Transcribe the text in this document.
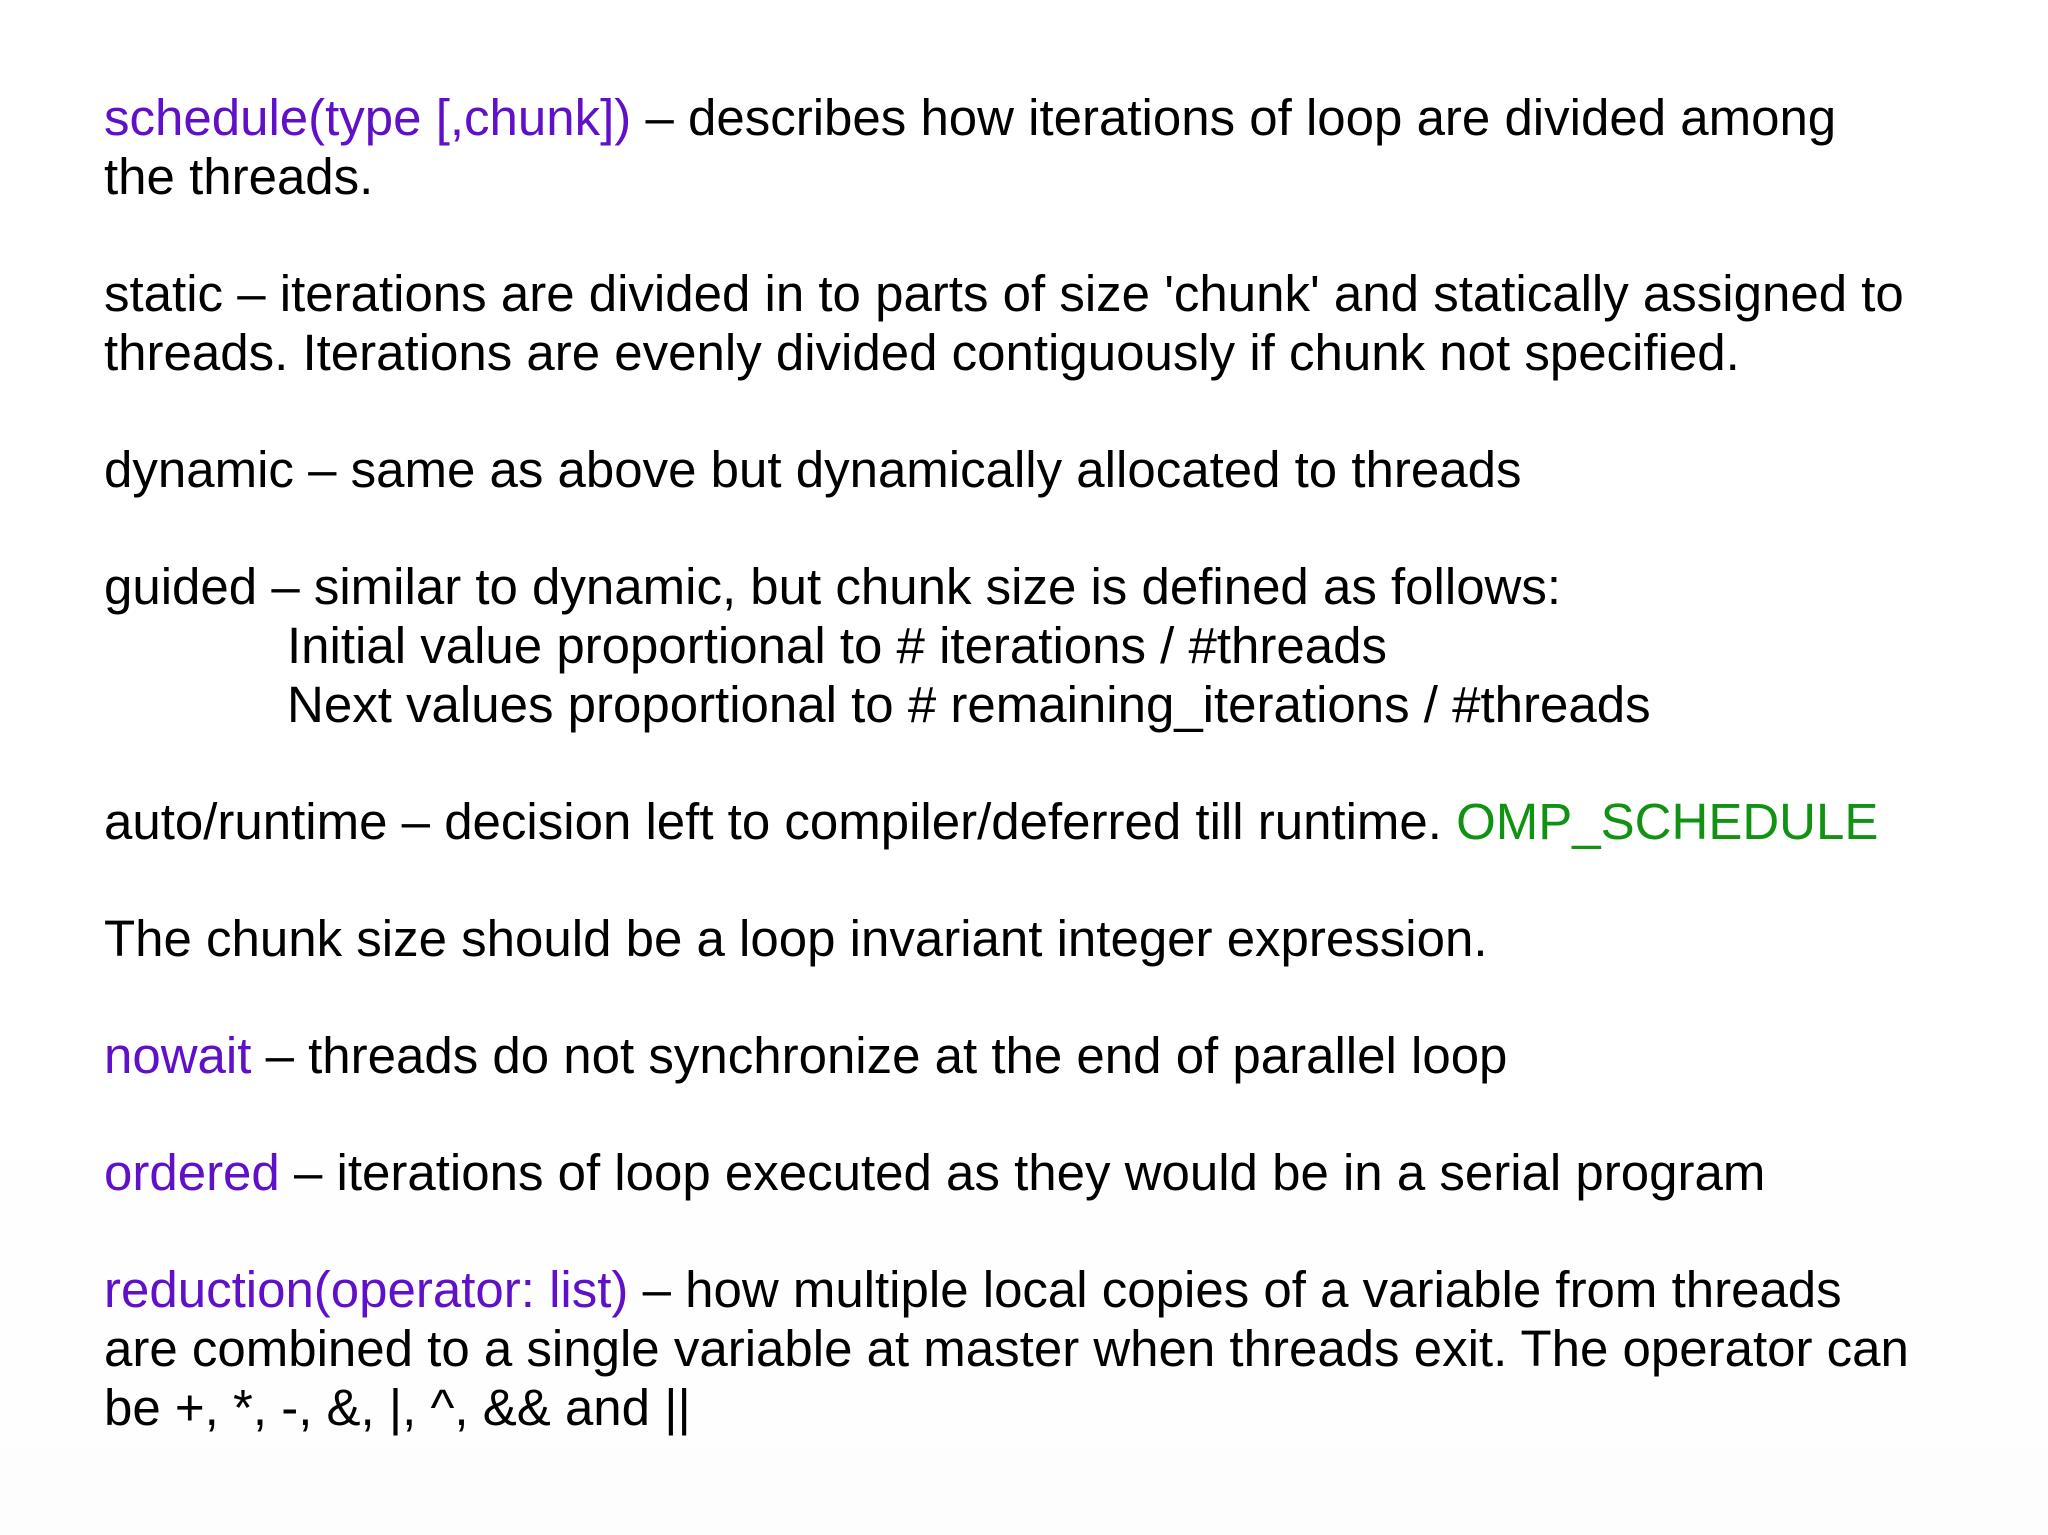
schedule(type [,chunk]) – describes how iterations of loop are divided among
the threads.
static – iterations are divided in to parts of size 'chunk' and statically assigned to
threads. Iterations are evenly divided contiguously if chunk not specified.
dynamic – same as above but dynamically allocated to threads
guided – similar to dynamic, but chunk size is defined as follows:
Initial value proportional to # iterations / #threads
Next values proportional to # remaining_iterations / #threads
auto/runtime – decision left to compiler/deferred till runtime. OMP_SCHEDULE
The chunk size should be a loop invariant integer expression.
nowait – threads do not synchronize at the end of parallel loop
ordered – iterations of loop executed as they would be in a serial program
reduction(operator: list) – how multiple local copies of a variable from threads
are combined to a single variable at master when threads exit. The operator can
be +, *, -, &, |, ^, && and ||
